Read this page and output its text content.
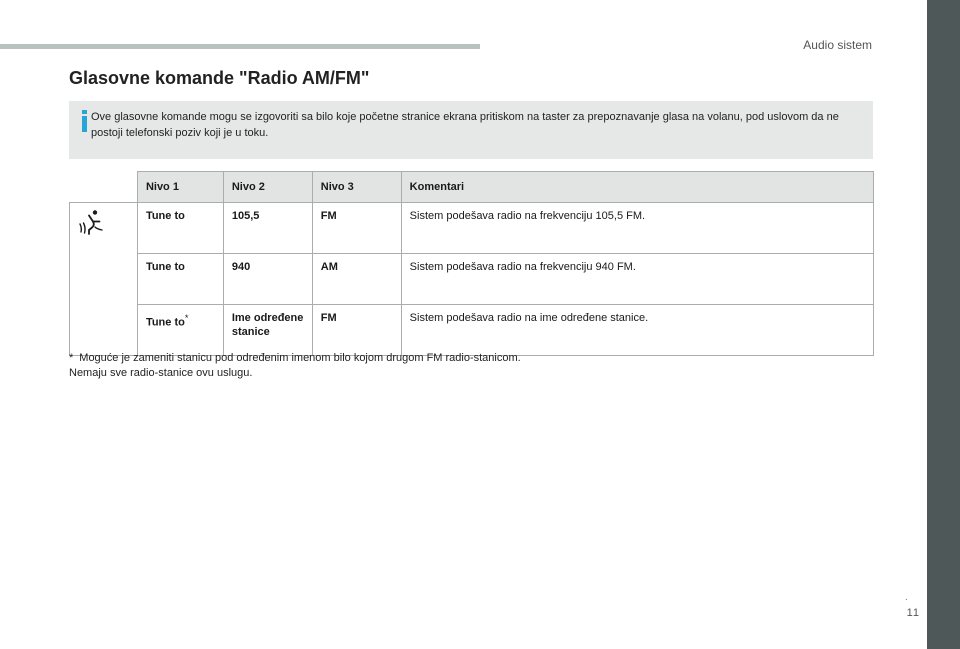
Audio sistem
.
11
Glasovne komande "Radio AM/FM"
Ove glasovne komande mogu se izgovoriti sa bilo koje početne stranice ekrana pritiskom na taster za prepoznavanje glasa na volanu, pod uslovom da ne postoji telefonski poziv koji je u toku.
	Nivo 1	Nivo 2	Nivo 3	Komentari
	Tune to	105,5	FM	Sistem podešava radio na frekvenciju 105,5 FM.
	Tune to	940	AM	Sistem podešava radio na frekvenciju 940 FM.
	Tune to*	Ime određene stanice	FM	Sistem podešava radio na ime određene stanice.
* Moguće je zameniti stanicu pod određenim imenom bilo kojom drugom FM radio-stanicom.
Nemaju sve radio-stanice ovu uslugu.
